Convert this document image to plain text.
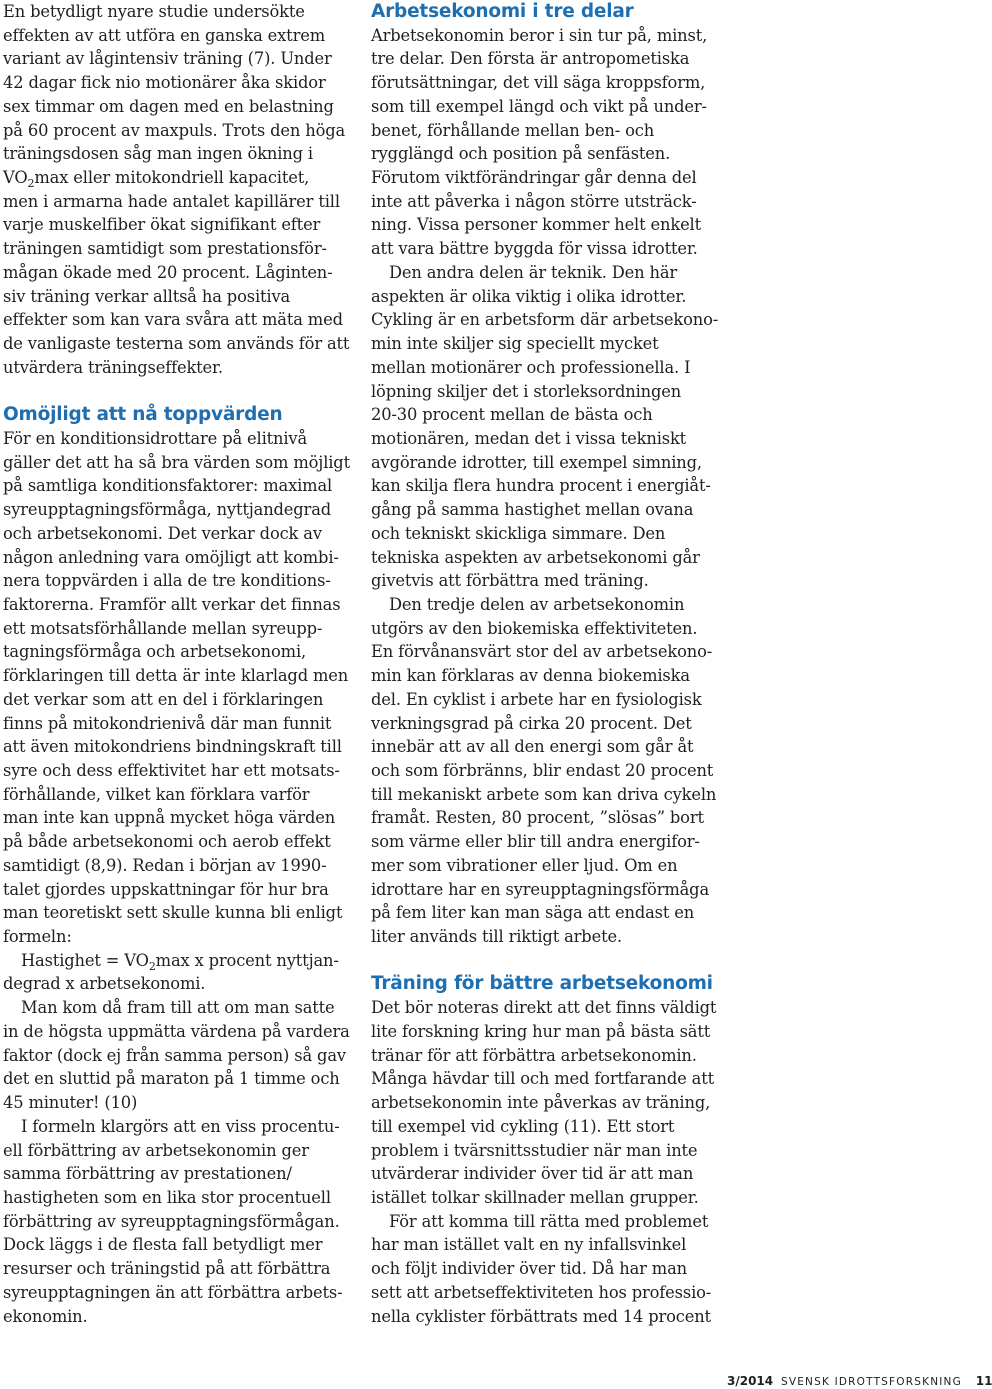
En betydligt nyare studie undersökte
effekten av att utföra en ganska extrem
variant av lågintensiv träning (7). Under
42 dagar fick nio motionärer åka skidor
sex timmar om dagen med en belastning
på 60 procent av maxpuls. Trots den höga
träningsdosen såg man ingen ökning i
$VO_2\max$ eller mitokondriell kapacitet,
men i armarna hade antalet kapillärer till
varje muskelfiber ökat signifikant efter
träningen samtidigt som prestationsför-
mågan ökade med 20 procent. Låginten-
siv träning verkar alltså ha positiva
effekter som kan vara svåra att mäta med
de vanligaste testerna som används för att
utvärdera träningseffekter.
Omöjligt att nå toppvärden
För en konditionsidrottare på elitnivå
gäller det att ha så bra värden som möjligt
på samtliga konditionsfaktorer: maximal
syreupptagningsförmåga, nyttjandegrad
och arbetsekonomi. Det verkar dock av
någon anledning vara omöjligt att kombi-
nera toppvärden i alla de tre konditions-
faktorerna. Framför allt verkar det finnas
ett motsatsförhållande mellan syreupp-
tagningsförmåga och arbetsekonomi,
förklaringen till detta är inte klarlagd men
det verkar som att en del i förklaringen
finns på mitokondrienivå där man funnit
att även mitokondriens bindningskraft till
syre och dess effektivitet har ett motsats-
förhållande, vilket kan förklara varför
man inte kan uppnå mycket höga värden
på både arbetsekonomi och aerob effekt
samtidigt (8,9). Redan i början av 1990-
talet gjordes uppskattningar för hur bra
man teoretiskt sett skulle kunna bli enligt
formeln:
Hastighet = $VO_2\max$ x procent nyttjan-
degrad x arbetsekonomi.
Man kom då fram till att om man satte
in de högsta uppmätta värdena på vardera
faktor (dock ej från samma person) så gav
det en sluttid på maraton på 1 timme och
45 minuter! (10)
I formeln klargörs att en viss procentu-
ell förbättring av arbetsekonomin ger
samma förbättring av prestationen/
hastigheten som en lika stor procentuell
förbättring av syreupptagningsförmågan.
Dock läggs i de flesta fall betydligt mer
resurser och träningstid på att förbättra
syreupptagningen än att förbättra arbets-
ekonomin.
Arbetsekonomi i tre delar
Arbetsekonomin beror i sin tur på, minst,
tre delar. Den första är antropometiska
förutsättningar, det vill säga kroppsform,
som till exempel längd och vikt på under-
benet, förhållande mellan ben- och
rygglängd och position på senfästen.
Förutom viktförändringar går denna del
inte att påverka i någon större utsträck-
ning. Vissa personer kommer helt enkelt
att vara bättre byggda för vissa idrotter.
Den andra delen är teknik. Den här
aspekten är olika viktig i olika idrotter.
Cykling är en arbetsform där arbetsekono-
min inte skiljer sig speciellt mycket
mellan motionärer och professionella. I
löpning skiljer det i storleksordningen
20-30 procent mellan de bästa och
motionären, medan det i vissa tekniskt
avgörande idrotter, till exempel simning,
kan skilja flera hundra procent i energiåt-
gång på samma hastighet mellan ovana
och tekniskt skickliga simmare. Den
tekniska aspekten av arbetsekonomi går
givetvis att förbättra med träning.
Den tredje delen av arbetsekonomin
utgörs av den biokemiska effektiviteten.
En förvånansvärt stor del av arbetsekono-
min kan förklaras av denna biokemiska
del. En cyklist i arbete har en fysiologisk
verkningsgrad på cirka 20 procent. Det
innebär att av all den energi som går åt
och som förbränns, blir endast 20 procent
till mekaniskt arbete som kan driva cykeln
framåt. Resten, 80 procent, ”slösas” bort
som värme eller blir till andra energifor-
mer som vibrationer eller ljud. Om en
idrottare har en syreupptagningsförmåga
på fem liter kan man säga att endast en
liter används till riktigt arbete.
Träning för bättre arbetsekonomi
Det bör noteras direkt att det finns väldigt
lite forskning kring hur man på bästa sätt
tränar för att förbättra arbetsekonomin.
Många hävdar till och med fortfarande att
arbetsekonomin inte påverkas av träning,
till exempel vid cykling (11). Ett stort
problem i tvärsnittsstudier när man inte
utvärderar individer över tid är att man
istället tolkar skillnader mellan grupper.
För att komma till rätta med problemet
har man istället valt en ny infallsvinkel
och följt individer över tid. Då har man
sett att arbetseffektiviteten hos professio-
nella cyklister förbättrats med 14 procent
3/2014 SVENSK IDROTTSFORSKNING 11
